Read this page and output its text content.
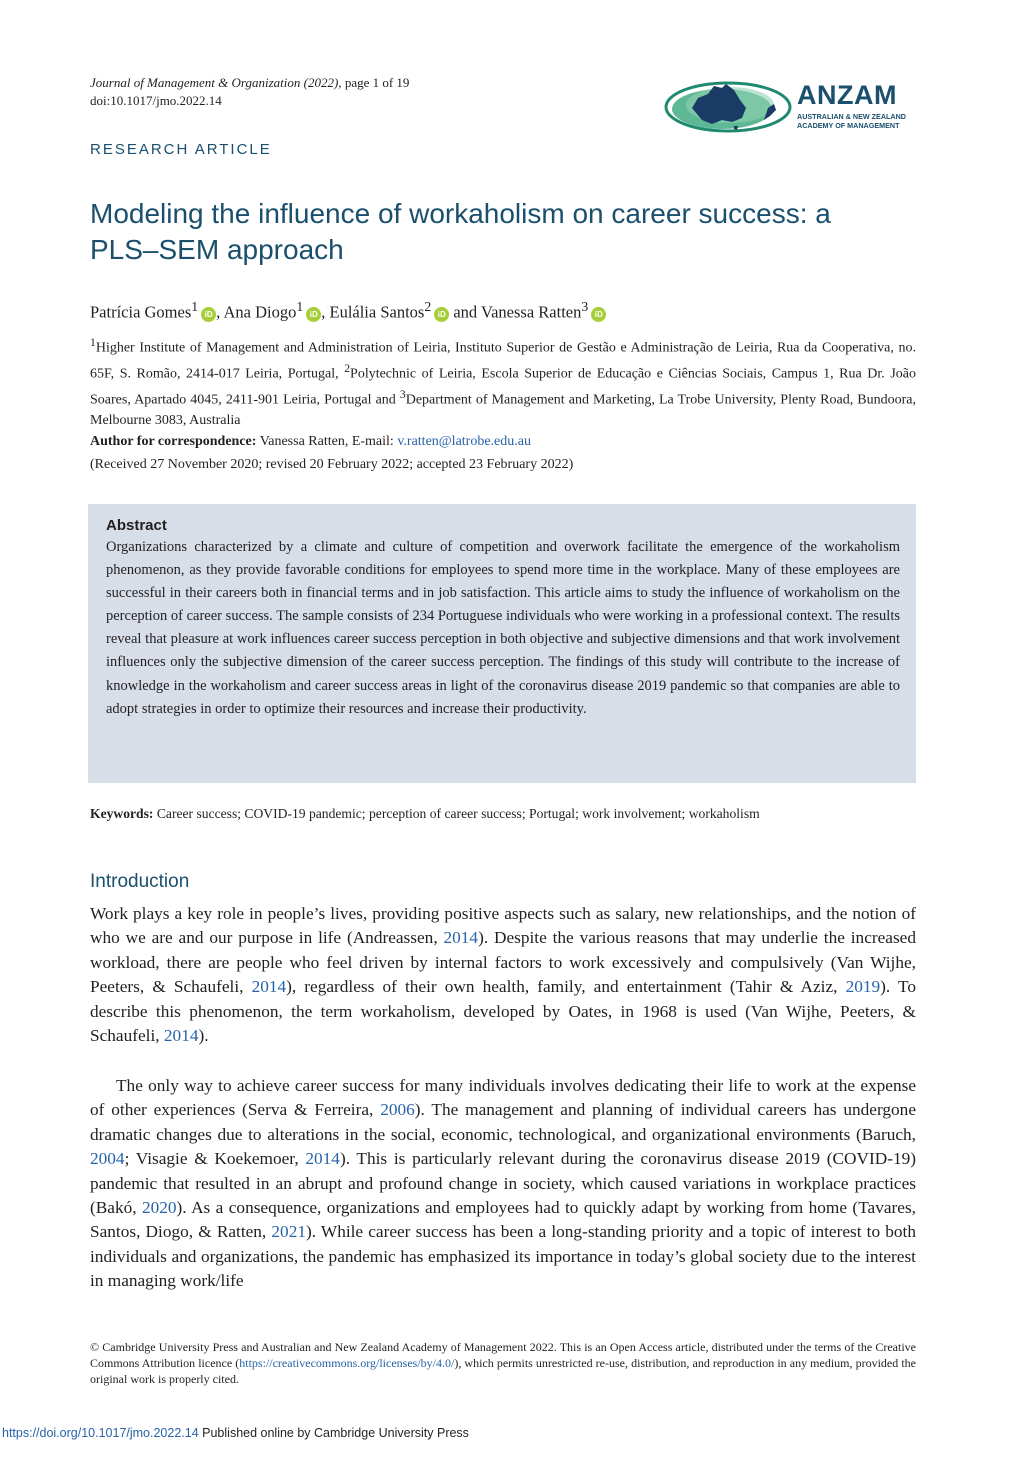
Journal of Management & Organization (2022), page 1 of 19
doi:10.1017/jmo.2022.14	ANZAM
AUSTRALIAN & NEW ZEALAND
ACADEMY OF MANAGEMENT
RESEARCH ARTICLE
Modeling the influence of workaholism on career success: a PLS–SEM approach
Patrícia Gomes$^1$ iD , Ana Diogo$^1$ iD , Eulália Santos$^2$ iD and Vanessa Ratten$^3$ iD
$^1$Higher Institute of Management and Administration of Leiria, Instituto Superior de Gestão e Administração de Leiria, Rua da Cooperativa, no. 65F, S. Romão, 2414-017 Leiria, Portugal, $^2$Polytechnic of Leiria, Escola Superior de Educação e Ciências Sociais, Campus 1, Rua Dr. João Soares, Apartado 4045, 2411-901 Leiria, Portugal and $^3$Department of Management and Marketing, La Trobe University, Plenty Road, Bundoora, Melbourne 3083, Australia
Author for correspondence: Vanessa Ratten, E-mail: v.ratten@latrobe.edu.au
(Received 27 November 2020; revised 20 February 2022; accepted 23 February 2022)
Abstract
Organizations characterized by a climate and culture of competition and overwork facilitate the emergence of the workaholism phenomenon, as they provide favorable conditions for employees to spend more time in the workplace. Many of these employees are successful in their careers both in financial terms and in job satisfaction. This article aims to study the influence of workaholism on the perception of career success. The sample consists of 234 Portuguese individuals who were working in a professional context. The results reveal that pleasure at work influences career success perception in both objective and subjective dimensions and that work involvement influences only the subjective dimension of the career success perception. The findings of this study will contribute to the increase of knowledge in the workaholism and career success areas in light of the coronavirus disease 2019 pandemic so that companies are able to adopt strategies in order to optimize their resources and increase their productivity.
Keywords: Career success; COVID-19 pandemic; perception of career success; Portugal; work involvement; workaholism
Introduction
Work plays a key role in people’s lives, providing positive aspects such as salary, new relationships, and the notion of who we are and our purpose in life (Andreassen, 2014). Despite the various reasons that may underlie the increased workload, there are people who feel driven by internal factors to work excessively and compulsively (Van Wijhe, Peeters, & Schaufeli, 2014), regardless of their own health, family, and entertainment (Tahir & Aziz, 2019). To describe this phenomenon, the term workaholism, developed by Oates, in 1968 is used (Van Wijhe, Peeters, & Schaufeli, 2014).
The only way to achieve career success for many individuals involves dedicating their life to work at the expense of other experiences (Serva & Ferreira, 2006). The management and planning of individual careers has undergone dramatic changes due to alterations in the social, economic, technological, and organizational environments (Baruch, 2004; Visagie & Koekemoer, 2014). This is particularly relevant during the coronavirus disease 2019 (COVID-19) pandemic that resulted in an abrupt and profound change in society, which caused variations in workplace practices (Bakó, 2020). As a consequence, organizations and employees had to quickly adapt by working from home (Tavares, Santos, Diogo, & Ratten, 2021). While career success has been a long-standing priority and a topic of interest to both individuals and organizations, the pandemic has emphasized its importance in today’s global society due to the interest in managing work/life
© Cambridge University Press and Australian and New Zealand Academy of Management 2022. This is an Open Access article, distributed under the terms of the Creative Commons Attribution licence (https://creativecommons.org/licenses/by/4.0/), which permits unrestricted re-use, distribution, and reproduction in any medium, provided the original work is properly cited.
https://doi.org/10.1017/jmo.2022.14 Published online by Cambridge University Press
